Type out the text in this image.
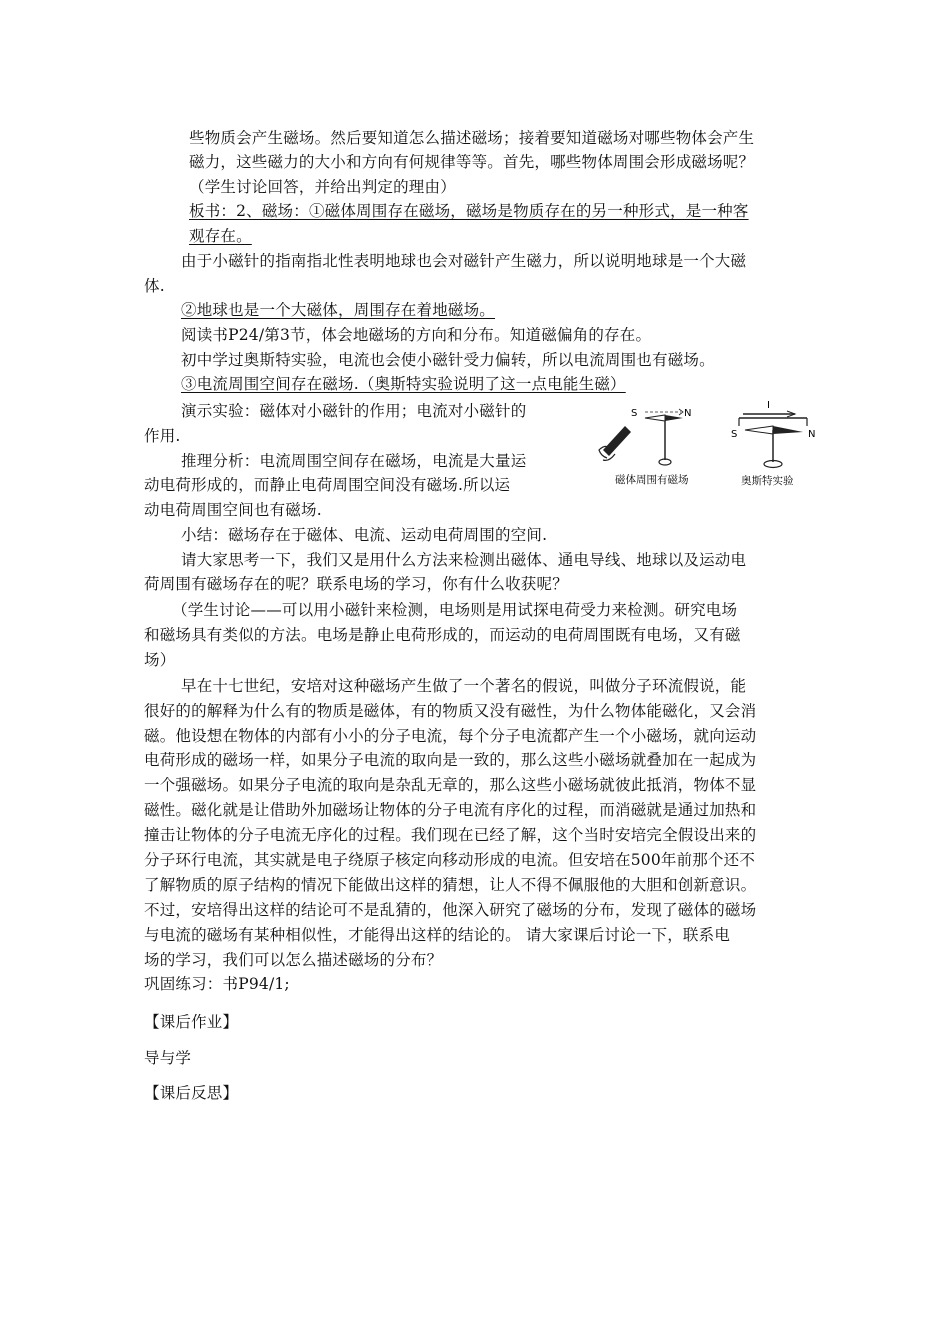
些物质会产生磁场。然后要知道怎么描述磁场；接着要知道磁场对哪些物体会产生
磁力，这些磁力的大小和方向有何规律等等。首先，哪些物体周围会形成磁场呢？
（学生讨论回答，并给出判定的理由）
板书：2、磁场：①磁体周围存在磁场，磁场是物质存在的另一种形式，是一种客
观存在。
由于小磁针的指南指北性表明地球也会对磁针产生磁力，所以说明地球是一个大磁
体.
②地球也是一个大磁体，周围存在着地磁场。
阅读书P24/第3节，体会地磁场的方向和分布。知道磁偏角的存在。
初中学过奥斯特实验，电流也会使小磁针受力偏转，所以电流周围也有磁场。
③电流周围空间存在磁场.（奥斯特实验说明了这一点电能生磁）
演示实验：磁体对小磁针的作用；电流对小磁针的
作用.
推理分析：电流周围空间存在磁场，电流是大量运
动电荷形成的，而静止电荷周围空间没有磁场.所以运
动电荷周围空间也有磁场.
小结：磁场存在于磁体、电流、运动电荷周围的空间.
请大家思考一下，我们又是用什么方法来检测出磁体、通电导线、地球以及运动电
荷周围有磁场存在的呢？联系电场的学习，你有什么收获呢？
（学生讨论——可以用小磁针来检测，电场则是用试探电荷受力来检测。研究电场
和磁场具有类似的方法。电场是静止电荷形成的，而运动的电荷周围既有电场，又有磁
场）
早在十七世纪，安培对这种磁场产生做了一个著名的假说，叫做分子环流假说，能
很好的的解释为什么有的物质是磁体，有的物质又没有磁性，为什么物体能磁化，又会消
磁。他设想在物体的内部有小小的分子电流，每个分子电流都产生一个小磁场，就向运动
电荷形成的磁场一样，如果分子电流的取向是一致的，那么这些小磁场就叠加在一起成为
一个强磁场。如果分子电流的取向是杂乱无章的，那么这些小磁场就彼此抵消，物体不显
磁性。磁化就是让借助外加磁场让物体的分子电流有序化的过程，而消磁就是通过加热和
撞击让物体的分子电流无序化的过程。我们现在已经了解，这个当时安培完全假设出来的
分子环行电流，其实就是电子绕原子核定向移动形成的电流。但安培在500年前那个还不
了解物质的原子结构的情况下能做出这样的猜想，让人不得不佩服他的大胆和创新意识。
不过，安培得出这样的结论可不是乱猜的，他深入研究了磁场的分布，发现了磁体的磁场
与电流的磁场有某种相似性，才能得出这样的结论的。 请大家课后讨论一下，联系电
场的学习，我们可以怎么描述磁场的分布？
巩固练习：书P94/1;
【课后作业】
导与学
【课后反思】
S	N
I
S	N
磁体周围有磁场	奥斯特实验
